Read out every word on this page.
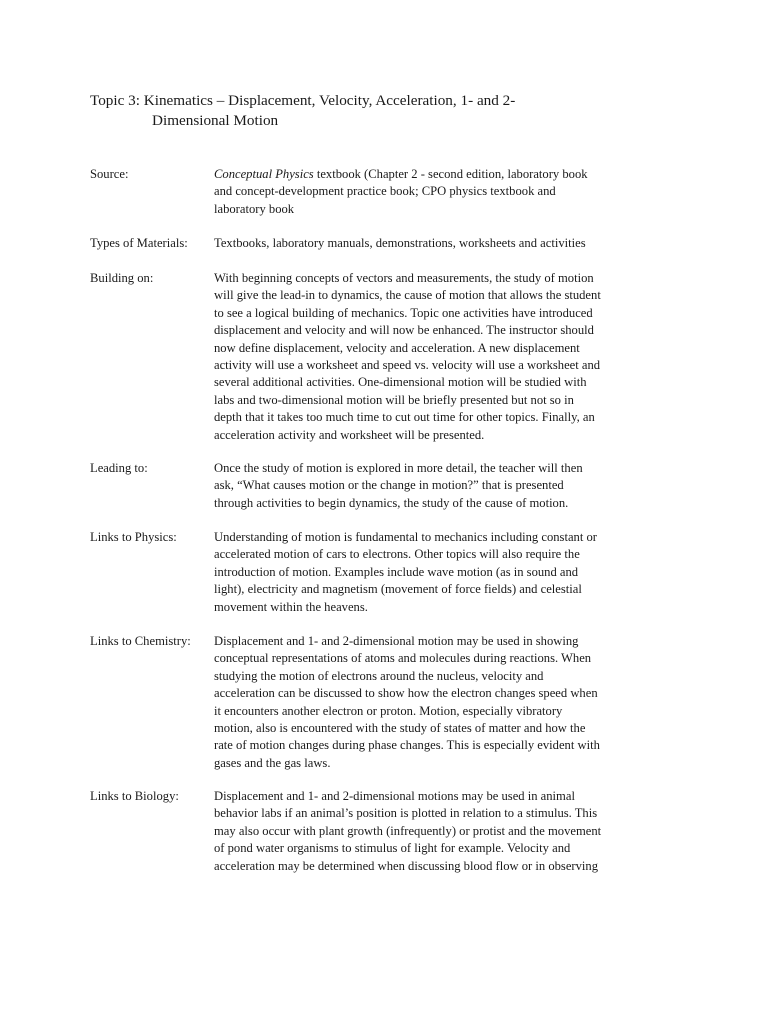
Topic 3: Kinematics – Displacement, Velocity, Acceleration, 1- and 2-
Dimensional Motion
Source:	Conceptual Physics textbook (Chapter 2 - second edition, laboratory book
and concept-development practice book; CPO physics textbook and
laboratory book
Types of Materials:	Textbooks, laboratory manuals, demonstrations, worksheets and activities
Building on:	With beginning concepts of vectors and measurements, the study of motion
will give the lead-in to dynamics, the cause of motion that allows the student
to see a logical building of mechanics. Topic one activities have introduced
displacement and velocity and will now be enhanced. The instructor should
now define displacement, velocity and acceleration. A new displacement
activity will use a worksheet and speed vs. velocity will use a worksheet and
several additional activities. One-dimensional motion will be studied with
labs and two-dimensional motion will be briefly presented but not so in
depth that it takes too much time to cut out time for other topics. Finally, an
acceleration activity and worksheet will be presented.
Leading to:	Once the study of motion is explored in more detail, the teacher will then
ask, “What causes motion or the change in motion?” that is presented
through activities to begin dynamics, the study of the cause of motion.
Links to Physics:	Understanding of motion is fundamental to mechanics including constant or
accelerated motion of cars to electrons. Other topics will also require the
introduction of motion. Examples include wave motion (as in sound and
light), electricity and magnetism (movement of force fields) and celestial
movement within the heavens.
Links to Chemistry:	Displacement and 1- and 2-dimensional motion may be used in showing
conceptual representations of atoms and molecules during reactions. When
studying the motion of electrons around the nucleus, velocity and
acceleration can be discussed to show how the electron changes speed when
it encounters another electron or proton. Motion, especially vibratory
motion, also is encountered with the study of states of matter and how the
rate of motion changes during phase changes. This is especially evident with
gases and the gas laws.
Links to Biology:	Displacement and 1- and 2-dimensional motions may be used in animal
behavior labs if an animal’s position is plotted in relation to a stimulus. This
may also occur with plant growth (infrequently) or protist and the movement
of pond water organisms to stimulus of light for example. Velocity and
acceleration may be determined when discussing blood flow or in observing
